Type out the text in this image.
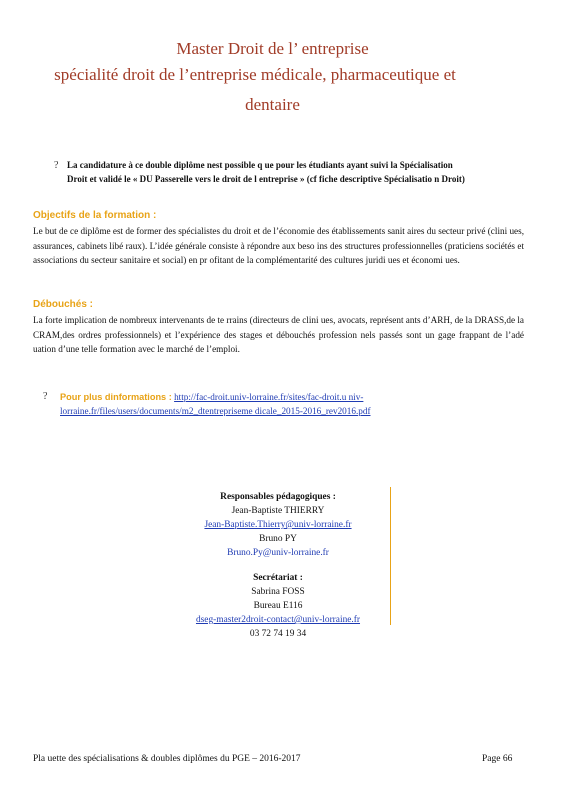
Master Droit de l’ entreprise
spécialité droit de l’entreprise médicale, pharmaceutique et
dentaire
? La candidature à ce double diplôme nest possible q ue pour les étudiants ayant suivi la Spécialisation
Droit et validé le « DU Passerelle vers le droit de l entreprise » (cf fiche descriptive Spécialisatio n Droit)
Objectifs de la formation :
Le but de ce diplôme est de former des spécialistes du droit et de l’économie des établissements sanit aires du secteur privé (clini ues, assurances, cabinets libé raux). L’idée générale consiste à répondre aux beso ins des structures professionnelles (praticiens sociétés et associations du secteur sanitaire et social) en pr ofitant de la complémentarité des cultures juridi ues et économi ues.
Débouchés :
La forte implication de nombreux intervenants de te rrains (directeurs de clini ues, avocats, représent ants d’ARH, de la DRASS,de la CRAM,des ordres professionnels) et l’expérience des stages et débouchés profession nels passés sont un gage frappant de l’adé uation d’une telle formation avec le marché de l’emploi.
? Pour plus dinformations : http://fac-droit.univ-lorraine.fr/sites/fac-droit.u niv-
lorraine.fr/files/users/documents/m2_dtentrepriseme dicale_2015-2016_rev2016.pdf
Responsables pédagogiques :
Jean-Baptiste THIERRY
Jean-Baptiste.Thierry@univ-lorraine.fr
Bruno PY
Bruno.Py@univ-lorraine.fr
Secrétariat :
Sabrina FOSS
Bureau E116
dseg-master2droit-contact@univ-lorraine.fr
03 72 74 19 34
Pla uette des spécialisations & doubles diplômes du PGE – 2016-2017	Page 66
